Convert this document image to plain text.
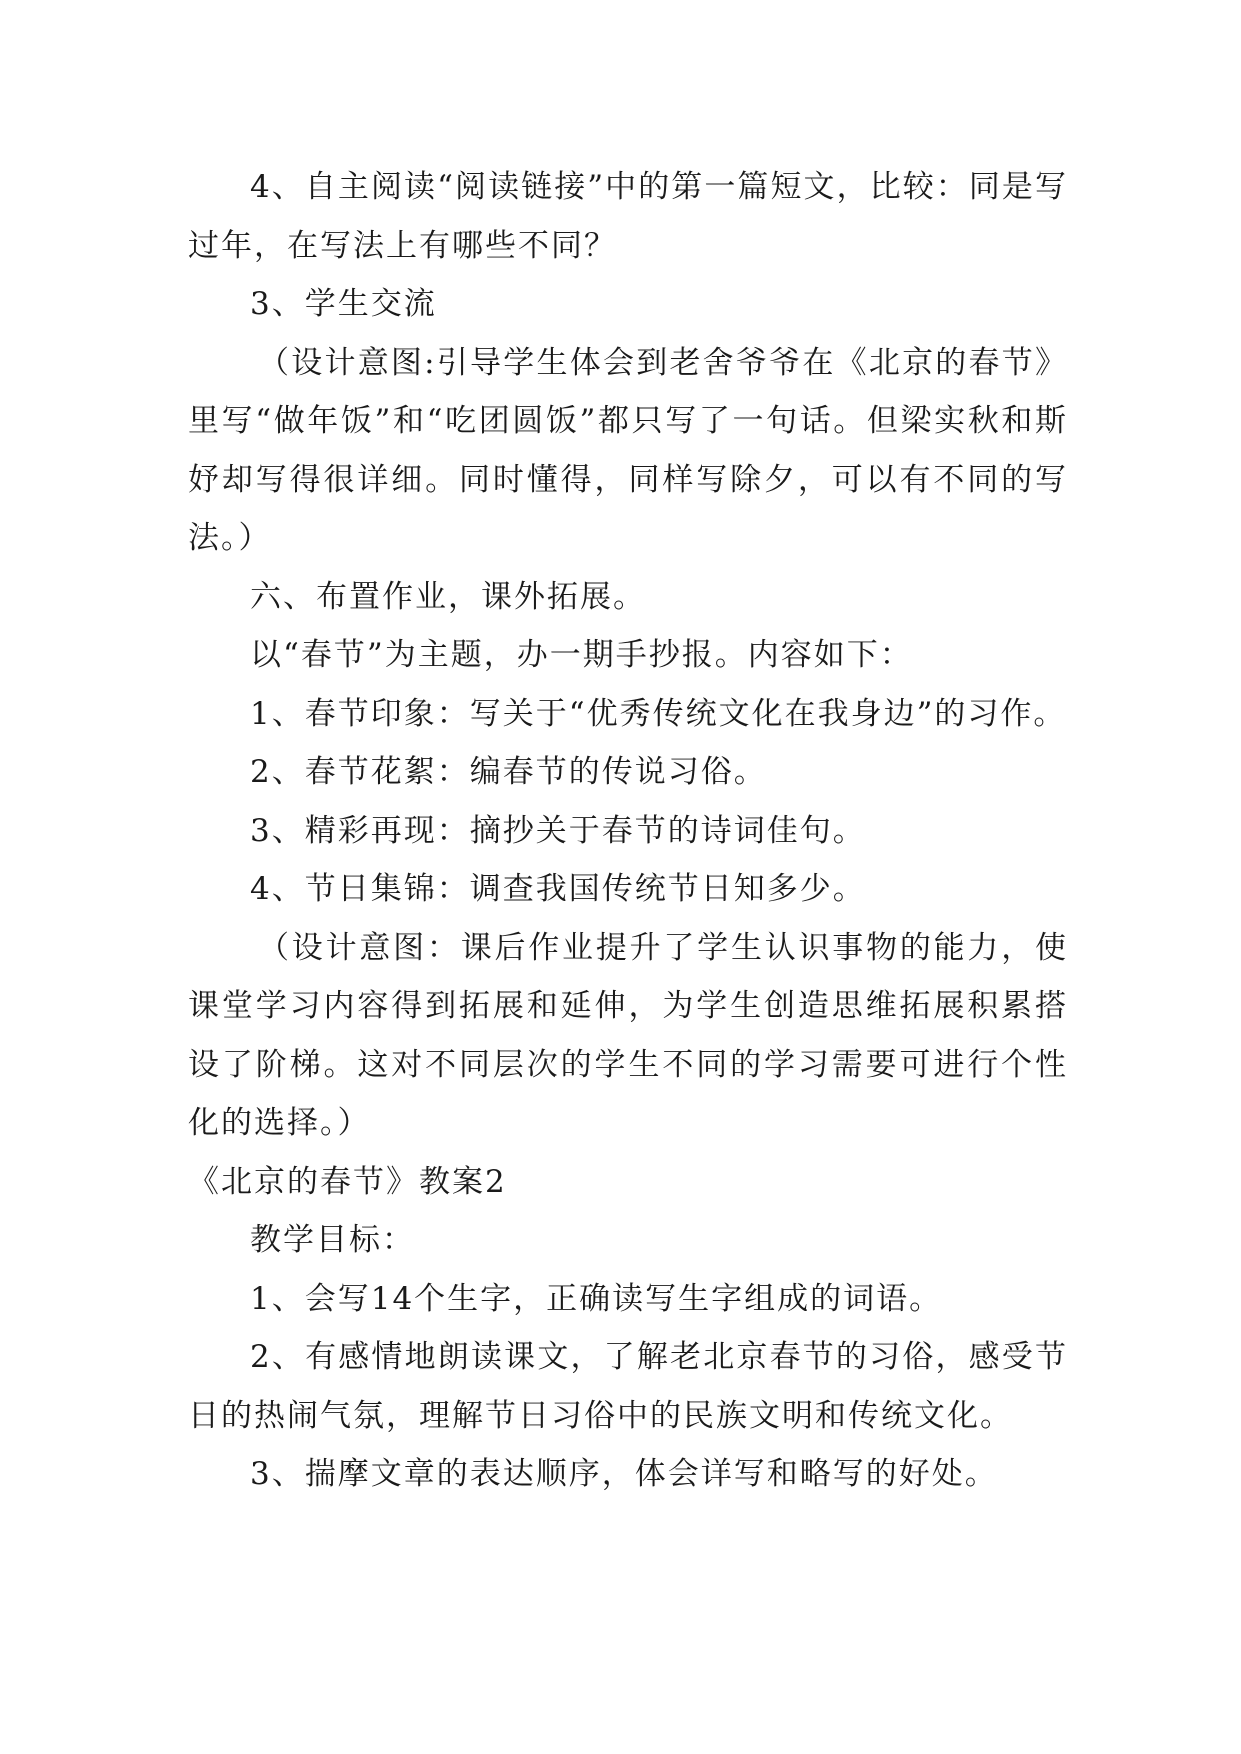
4、自主阅读“阅读链接”中的第一篇短文，比较：同是写过年，在写法上有哪些不同？

3、学生交流

（设计意图:引导学生体会到老舍爷爷在《北京的春节》里写“做年饭”和“吃团圆饭”都只写了一句话。但梁实秋和斯妤却写得很详细。同时懂得，同样写除夕，可以有不同的写法。）

六、布置作业，课外拓展。

以“春节”为主题，办一期手抄报。内容如下：

1、春节印象：写关于“优秀传统文化在我身边”的习作。

2、春节花絮：编春节的传说习俗。

3、精彩再现：摘抄关于春节的诗词佳句。

4、节日集锦：调查我国传统节日知多少。

（设计意图：课后作业提升了学生认识事物的能力，使课堂学习内容得到拓展和延伸，为学生创造思维拓展积累搭设了阶梯。这对不同层次的学生不同的学习需要可进行个性化的选择。）

《北京的春节》教案2

教学目标：

1、会写14个生字，正确读写生字组成的词语。

2、有感情地朗读课文，了解老北京春节的习俗，感受节日的热闹气氛，理解节日习俗中的民族文明和传统文化。

3、揣摩文章的表达顺序，体会详写和略写的好处。
